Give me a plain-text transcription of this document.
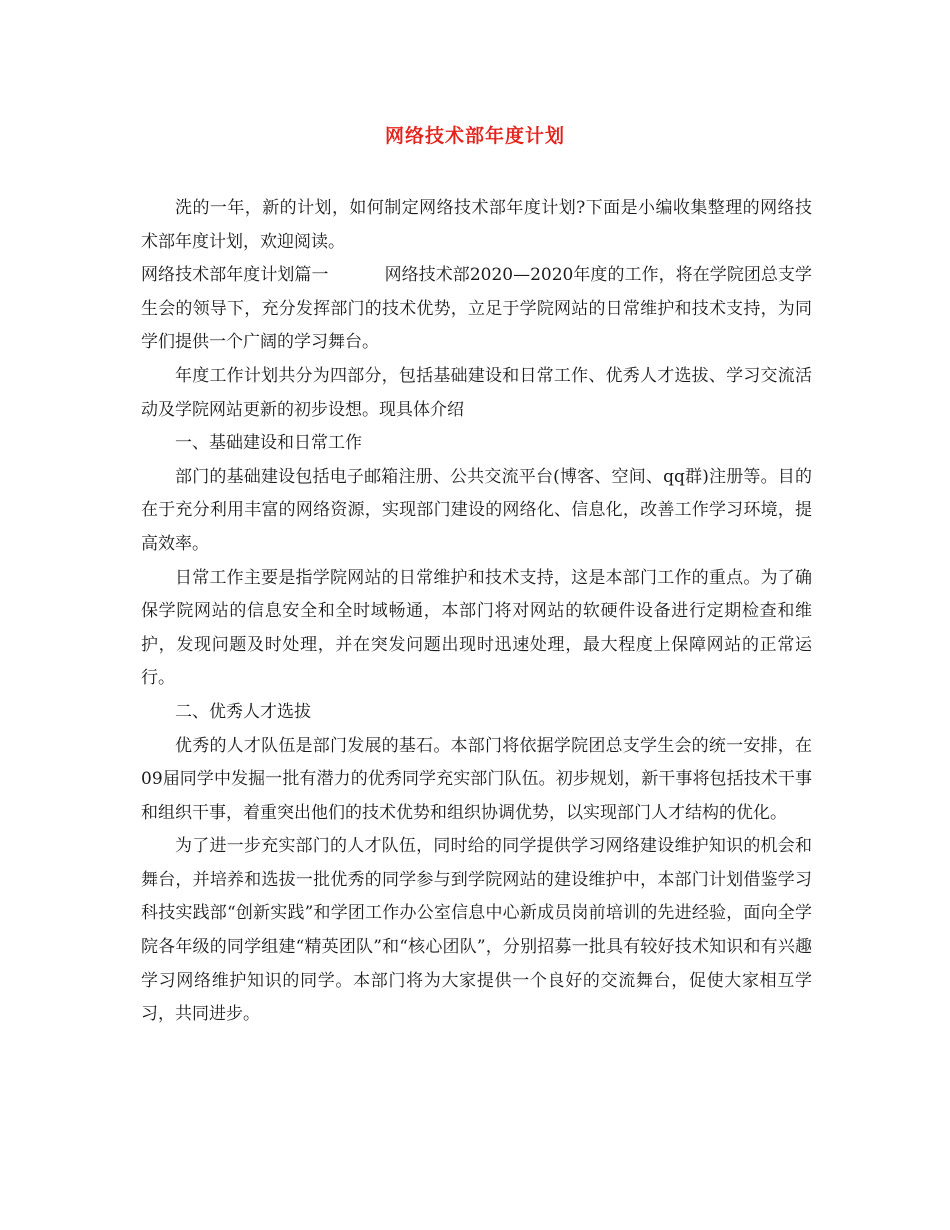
网络技术部年度计划

洗的一年，新的计划，如何制定网络技术部年度计划?下面是小编收集整理的网络技术部年度计划，欢迎阅读。

网络技术部年度计划篇一	网络技术部2020—2020年度的工作，将在学院团总支学生会的领导下，充分发挥部门的技术优势，立足于学院网站的日常维护和技术支持，为同学们提供一个广阔的学习舞台。

年度工作计划共分为四部分，包括基础建设和日常工作、优秀人才选拔、学习交流活动及学院网站更新的初步设想。现具体介绍

一、基础建设和日常工作

部门的基础建设包括电子邮箱注册、公共交流平台(博客、空间、qq群)注册等。目的在于充分利用丰富的网络资源，实现部门建设的网络化、信息化，改善工作学习环境，提高效率。

日常工作主要是指学院网站的日常维护和技术支持，这是本部门工作的重点。为了确保学院网站的信息安全和全时域畅通，本部门将对网站的软硬件设备进行定期检查和维护，发现问题及时处理，并在突发问题出现时迅速处理，最大程度上保障网站的正常运行。

二、优秀人才选拔

优秀的人才队伍是部门发展的基石。本部门将依据学院团总支学生会的统一安排，在09届同学中发掘一批有潜力的优秀同学充实部门队伍。初步规划，新干事将包括技术干事和组织干事，着重突出他们的技术优势和组织协调优势，以实现部门人才结构的优化。

为了进一步充实部门的人才队伍，同时给的同学提供学习网络建设维护知识的机会和舞台，并培养和选拔一批优秀的同学参与到学院网站的建设维护中，本部门计划借鉴学习科技实践部“创新实践”和学团工作办公室信息中心新成员岗前培训的先进经验，面向全学院各年级的同学组建“精英团队”和“核心团队”，分别招募一批具有较好技术知识和有兴趣学习网络维护知识的同学。本部门将为大家提供一个良好的交流舞台，促使大家相互学习，共同进步。
